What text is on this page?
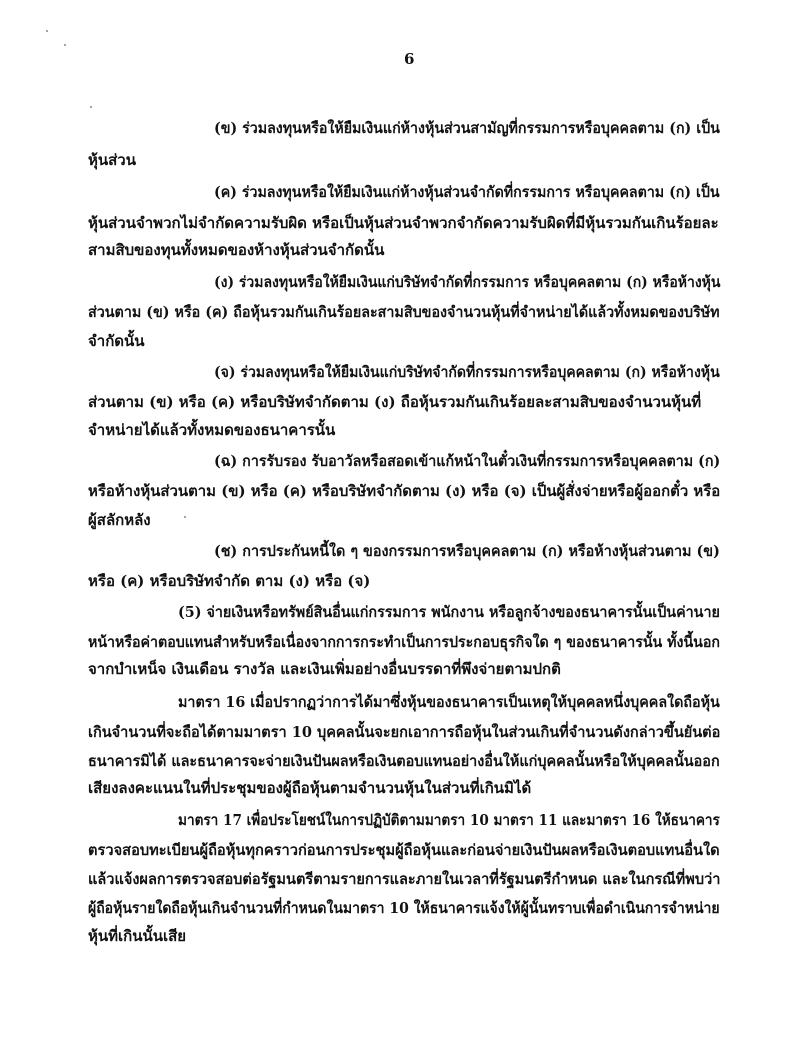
6
(ข) ร่วมลงทุนหรือให้ยืมเงินแก่ห้างหุ้นส่วนสามัญที่กรรมการหรือบุคคลตาม (ก) เป็น
หุ้นส่วน
(ค) ร่วมลงทุนหรือให้ยืมเงินแก่ห้างหุ้นส่วนจำกัดที่กรรมการ หรือบุคคลตาม (ก) เป็น
หุ้นส่วนจำพวกไม่จำกัดความรับผิด หรือเป็นหุ้นส่วนจำพวกจำกัดความรับผิดที่มีหุ้นรวมกันเกินร้อยละ
สามสิบของทุนทั้งหมดของห้างหุ้นส่วนจำกัดนั้น
(ง) ร่วมลงทุนหรือให้ยืมเงินแก่บริษัทจำกัดที่กรรมการ หรือบุคคลตาม (ก) หรือห้างหุ้น
ส่วนตาม (ข) หรือ (ค) ถือหุ้นรวมกันเกินร้อยละสามสิบของจำนวนหุ้นที่จำหน่ายได้แล้วทั้งหมดของบริษัท
จำกัดนั้น
(จ) ร่วมลงทุนหรือให้ยืมเงินแก่บริษัทจำกัดที่กรรมการหรือบุคคลตาม (ก) หรือห้างหุ้น
ส่วนตาม (ข) หรือ (ค) หรือบริษัทจำกัดตาม (ง) ถือหุ้นรวมกันเกินร้อยละสามสิบของจำนวนหุ้นที่
จำหน่ายได้แล้วทั้งหมดของธนาคารนั้น
(ฉ) การรับรอง รับอาวัลหรือสอดเข้าแก้หน้าในตั๋วเงินที่กรรมการหรือบุคคลตาม (ก)
หรือห้างหุ้นส่วนตาม (ข) หรือ (ค) หรือบริษัทจำกัดตาม (ง) หรือ (จ) เป็นผู้สั่งจ่ายหรือผู้ออกตั๋ว หรือ
ผู้สลักหลัง
(ช) การประกันหนี้ใด ๆ ของกรรมการหรือบุคคลตาม (ก) หรือห้างหุ้นส่วนตาม (ข)
หรือ (ค) หรือบริษัทจำกัด ตาม (ง) หรือ (จ)
(5) จ่ายเงินหรือทรัพย์สินอื่นแก่กรรมการ พนักงาน หรือลูกจ้างของธนาคารนั้นเป็นค่านาย
หน้าหรือค่าตอบแทนสำหรับหรือเนื่องจากการกระทำเป็นการประกอบธุรกิจใด ๆ ของธนาคารนั้น ทั้งนี้นอก
จากบำเหน็จ เงินเดือน รางวัล และเงินเพิ่มอย่างอื่นบรรดาที่พึงจ่ายตามปกติ
มาตรา 16 เมื่อปรากฏว่าการได้มาซึ่งหุ้นของธนาคารเป็นเหตุให้บุคคลหนึ่งบุคคลใดถือหุ้น
เกินจำนวนที่จะถือได้ตามมาตรา 10 บุคคลนั้นจะยกเอาการถือหุ้นในส่วนเกินที่จำนวนดังกล่าวขึ้นยันต่อ
ธนาคารมิได้ และธนาคารจะจ่ายเงินปันผลหรือเงินตอบแทนอย่างอื่นให้แก่บุคคลนั้นหรือให้บุคคลนั้นออก
เสียงลงคะแนนในที่ประชุมของผู้ถือหุ้นตามจำนวนหุ้นในส่วนที่เกินมิได้
มาตรา 17 เพื่อประโยชน์ในการปฏิบัติตามมาตรา 10 มาตรา 11 และมาตรา 16 ให้ธนาคาร
ตรวจสอบทะเบียนผู้ถือหุ้นทุกคราวก่อนการประชุมผู้ถือหุ้นและก่อนจ่ายเงินปันผลหรือเงินตอบแทนอื่นใด
แล้วแจ้งผลการตรวจสอบต่อรัฐมนตรีตามรายการและภายในเวลาที่รัฐมนตรีกำหนด และในกรณีที่พบว่า
ผู้ถือหุ้นรายใดถือหุ้นเกินจำนวนที่กำหนดในมาตรา 10 ให้ธนาคารแจ้งให้ผู้นั้นทราบเพื่อดำเนินการจำหน่าย
หุ้นที่เกินนั้นเสีย
